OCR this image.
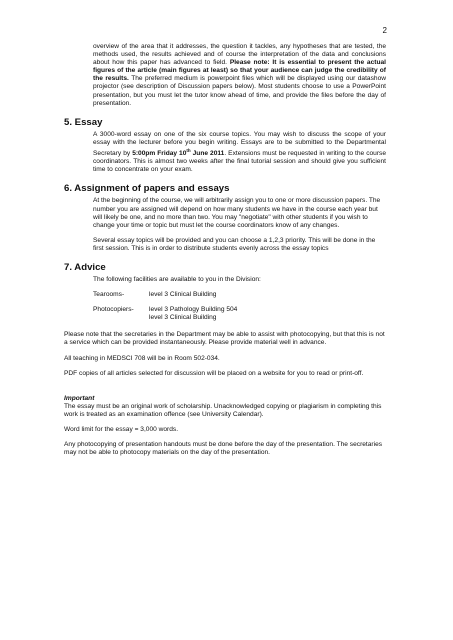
2

overview of the area that it addresses, the question it tackles, any hypotheses that are tested, the methods used, the results achieved and of course the interpretation of the data and conclusions about how this paper has advanced to field. Please note: It is essential to present the actual figures of the article (main figures at least) so that your audience can judge the credibility of the results. The preferred medium is powerpoint files which will be displayed using our datashow projector (see description of Discussion papers below). Most students choose to use a PowerPoint presentation, but you must let the tutor know ahead of time, and provide the files before the day of presentation.

5. Essay

A 3000-word essay on one of the six course topics. You may wish to discuss the scope of your essay with the lecturer before you begin writing. Essays are to be submitted to the Departmental Secretary by 5:00pm Friday 10th June 2011. Extensions must be requested in writing to the course coordinators. This is almost two weeks after the final tutorial session and should give you sufficient time to concentrate on your exam.

6. Assignment of papers and essays

At the beginning of the course, we will arbitrarily assign you to one or more discussion papers. The number you are assigned will depend on how many students we have in the course each year but will likely be one, and no more than two. You may "negotiate" with other students if you wish to change your time or topic but must let the course coordinators know of any changes.

Several essay topics will be provided and you can choose a 1,2,3 priority. This will be done in the first session. This is in order to distribute students evenly across the essay topics

7. Advice

The following facilities are available to you in the Division:

Tearooms-	level 3 Clinical Building
Photocopiers-	level 3 Pathology Building 504
level 3 Clinical Building

Please note that the secretaries in the Department may be able to assist with photocopying, but that this is not a service which can be provided instantaneously. Please provide material well in advance.

All teaching in MEDSCI 708 will be in Room 502-034.

PDF copies of all articles selected for discussion will be placed on a website for you to read or print-off.

Important

The essay must be an original work of scholarship. Unacknowledged copying or plagiarism in completing this work is treated as an examination offence (see University Calendar).

Word limit for the essay = 3,000 words.

Any photocopying of presentation handouts must be done before the day of the presentation. The secretaries may not be able to photocopy materials on the day of the presentation.
